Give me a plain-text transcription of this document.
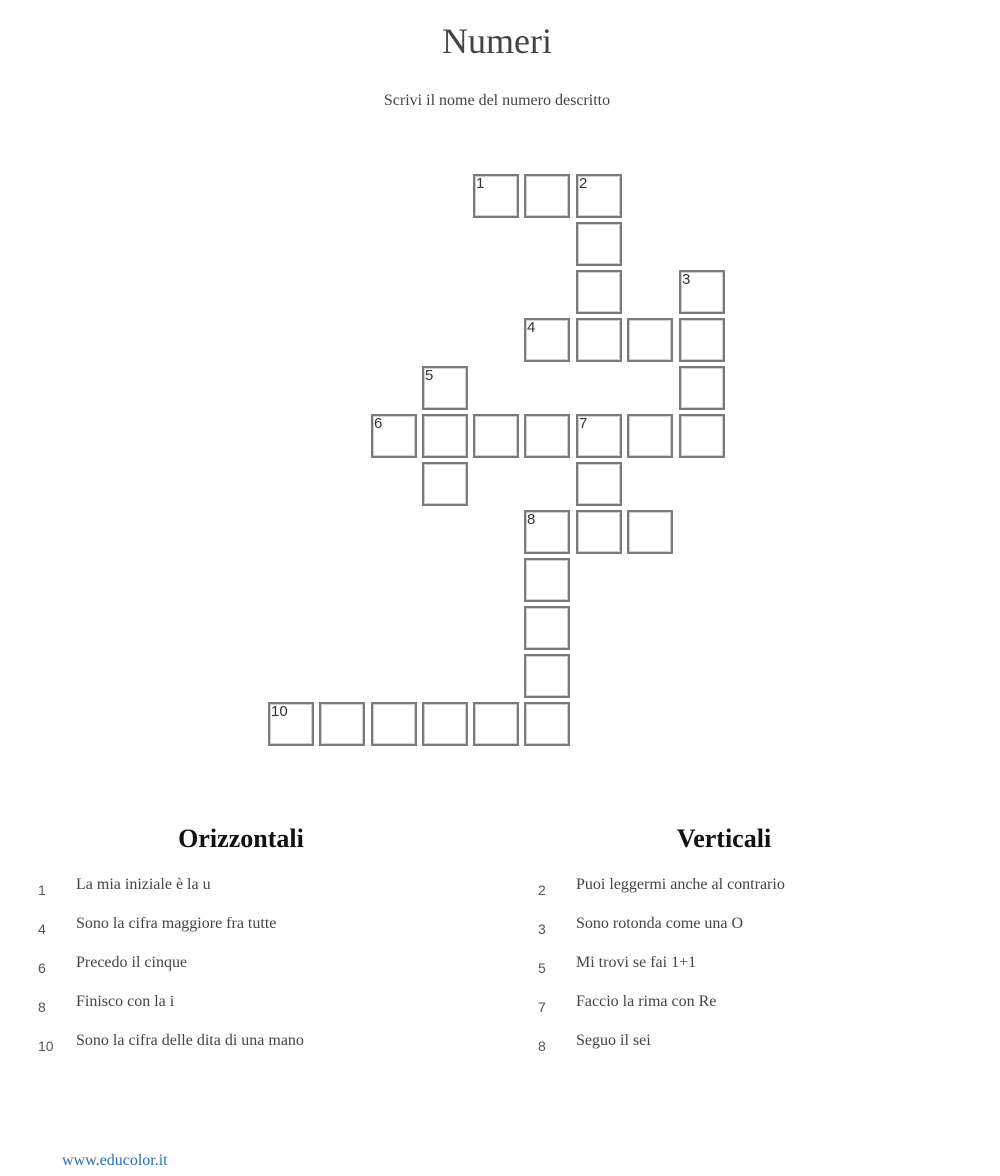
Numeri
Scrivi il nome del numero descritto
1	2
3
4
5
6	7
8
10
Orizzontali	Verticali
1	La mia iniziale è la u
4	Sono la cifra maggiore fra tutte
6	Precedo il cinque
8	Finisco con la i
10	Sono la cifra delle dita di una mano
2	Puoi leggermi anche al contrario
3	Sono rotonda come una O
5	Mi trovi se fai 1+1
7	Faccio la rima con Re
8	Seguo il sei
www.educolor.it
